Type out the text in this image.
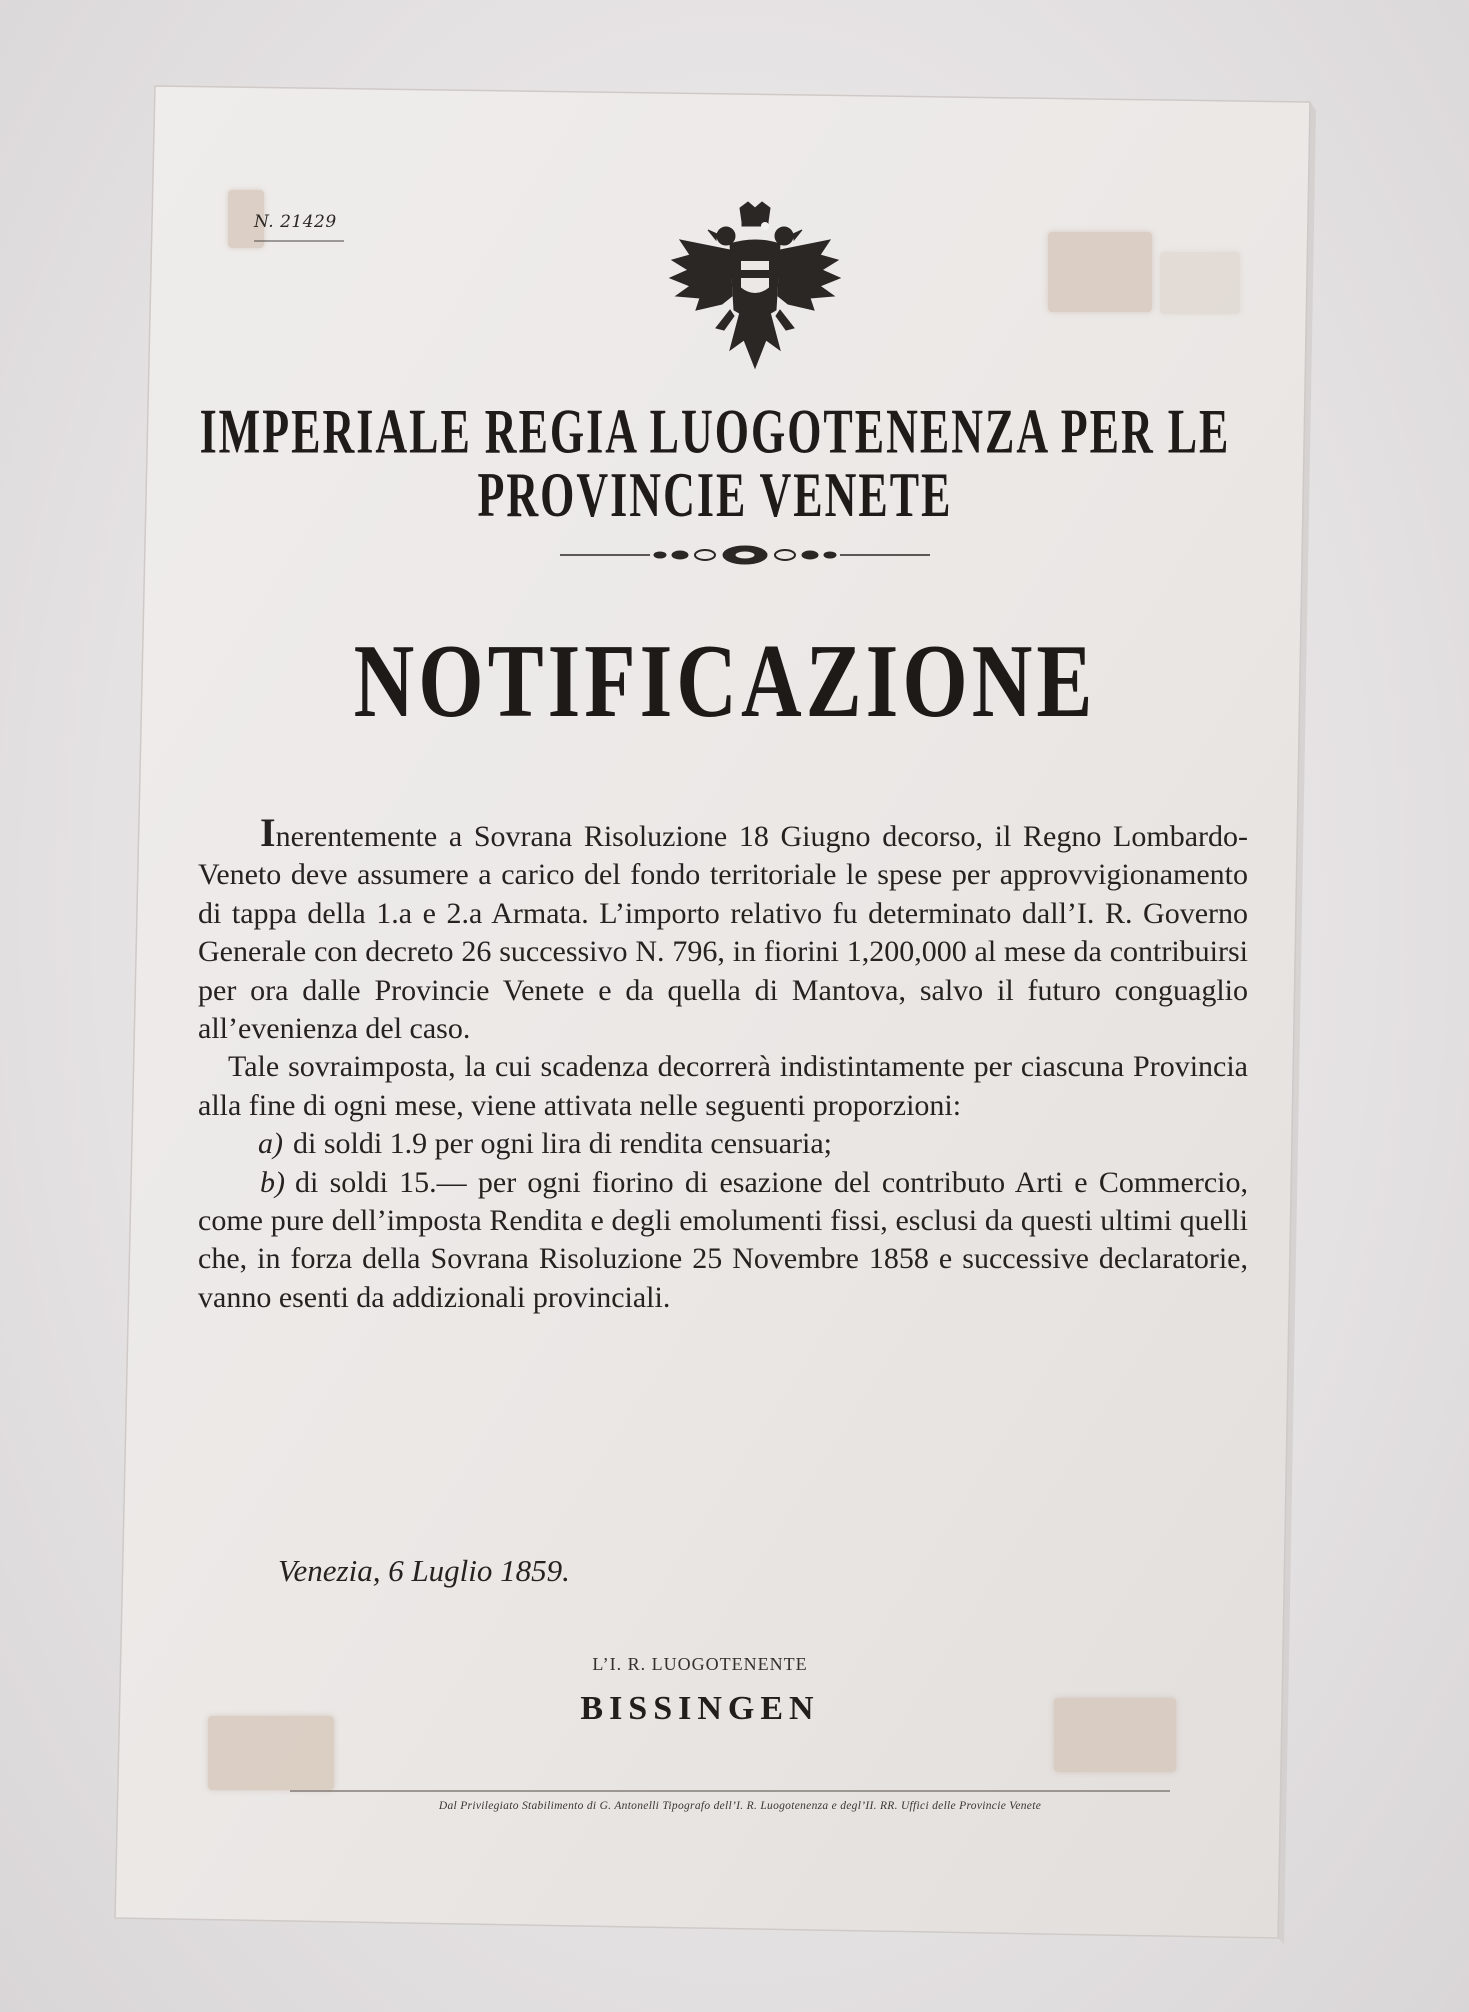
N. 21429
IMPERIALE REGIA LUOGOTENENZA PER LE PROVINCIE VENETE
NOTIFICAZIONE

Inerentemente a Sovrana Risoluzione 18 Giugno decorso, il Regno Lombardo-Veneto deve assumere a carico del fondo territoriale le spese per approvvigionamento di tappa della 1.a e 2.a Armata. L’importo relativo fu determinato dall’I. R. Governo Generale con decreto 26 successivo N. 796, in fiorini 1,200,000 al mese da contribuirsi per ora dalle Provincie Venete e da quella di Mantova, salvo il futuro conguaglio all’evenienza del caso.

Tale sovraimposta, la cui scadenza decorrerà indistintamente per ciascuna Provincia alla fine di ogni mese, viene attivata nelle seguenti proporzioni:

a) di soldi 1.9 per ogni lira di rendita censuaria;

b) di soldi 15.— per ogni fiorino di esazione del contributo Arti e Commercio, come pure dell’imposta Rendita e degli emolumenti fissi, esclusi da questi ultimi quelli che, in forza della Sovrana Risoluzione 25 Novembre 1858 e successive declaratorie, vanno esenti da addizionali provinciali.

Venezia, 6 Luglio 1859.
L’I. R. LUOGOTENENTE
BISSINGEN
Dal Privilegiato Stabilimento di G. Antonelli Tipografo dell’I. R. Luogotenenza e degl’II. RR. Uffici delle Provincie Venete
